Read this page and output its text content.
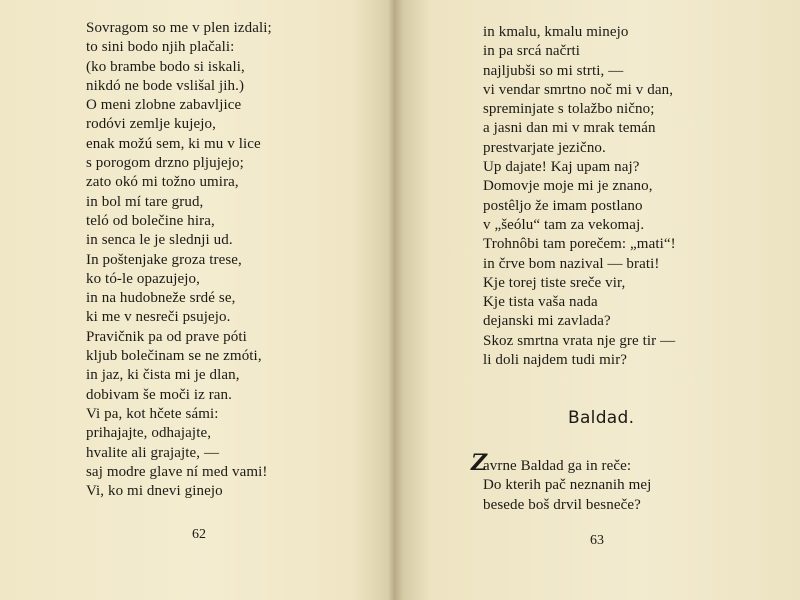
Sovragom so me v plen izdali;
to sini bodo njih plačali:
(ko brambe bodo si iskali,
nikdó ne bode vslišal jih.)
O meni zlobne zabavljice
rodóvi zemlje kujejo,
enak možú sem, ki mu v lice
s porogom drzno pljujejo;
zato okó mi tožno umira,
in bol mí tare grud,
teló od bolečine hira,
in senca le je slednji ud.
In poštenjake groza trese,
ko tó-le opazujejo,
in na hudobneže srdé se,
ki me v nesreči psujejo.
Pravičnik pa od prave póti
kljub bolečinam se ne zmóti,
in jaz, ki čista mi je dlan,
dobivam še moči iz ran.
Vi pa, kot hčete sámi:
prihajajte, odhajajte,
hvalite ali grajajte, —
saj modre glave ní med vami!
Vi, ko mi dnevi ginejo
62
in kmalu, kmalu minejo
in pa srcá načrti
najljubši so mi strti, —
vi vendar smrtno noč mi v dan,
spreminjate s tolažbo nično;
a jasni dan mi v mrak temán
prestvarjate jezično.
Up dajate! Kaj upam naj?
Domovje moje mi je znano,
postêljo že imam postlano
v „šeólu“ tam za vekomaj.
Trohnôbi tam porečem: „mati“!
in črve bom nazival — brati!
Kje torej tiste sreče vir,
Kje tista vaša nada
dejanski mi zavlada?
Skoz smrtna vrata nje gre tir —
li doli najdem tudi mir?
Baldad.
Z
avrne Baldad ga in reče:
Do kterih pač neznanih mej
besede boš drvil besneče?
63
